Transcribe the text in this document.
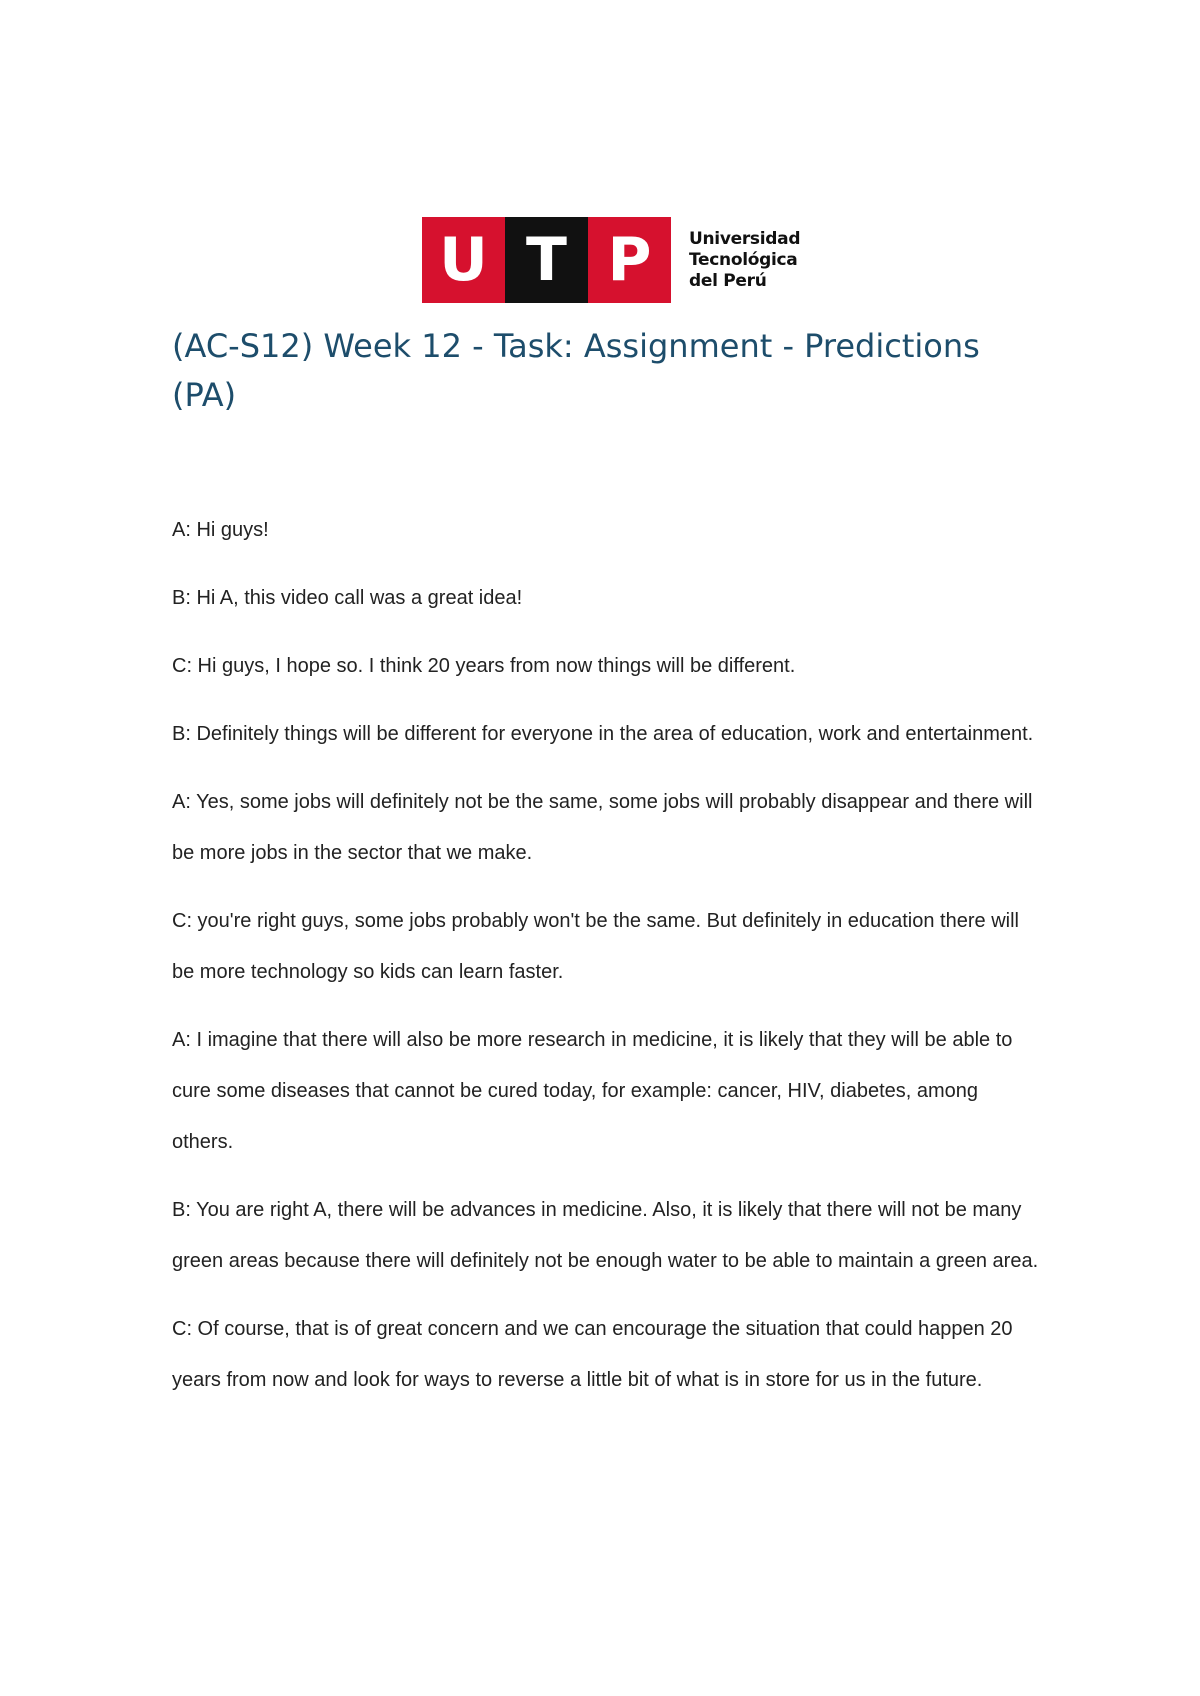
U T P	Universidad
Tecnológica
del Perú
(AC-S12) Week 12 - Task: Assignment - Predictions (PA)

A: Hi guys!

B: Hi A, this video call was a great idea!

C: Hi guys, I hope so. I think 20 years from now things will be different.

B: Definitely things will be different for everyone in the area of education, work and entertainment.

A: Yes, some jobs will definitely not be the same, some jobs will probably disappear and there will be more jobs in the sector that we make.

C: you're right guys, some jobs probably won't be the same. But definitely in education there will be more technology so kids can learn faster.

A: I imagine that there will also be more research in medicine, it is likely that they will be able to cure some diseases that cannot be cured today, for example: cancer, HIV, diabetes, among others.

B: You are right A, there will be advances in medicine. Also, it is likely that there will not be many green areas because there will definitely not be enough water to be able to maintain a green area.

C: Of course, that is of great concern and we can encourage the situation that could happen 20 years from now and look for ways to reverse a little bit of what is in store for us in the future.
